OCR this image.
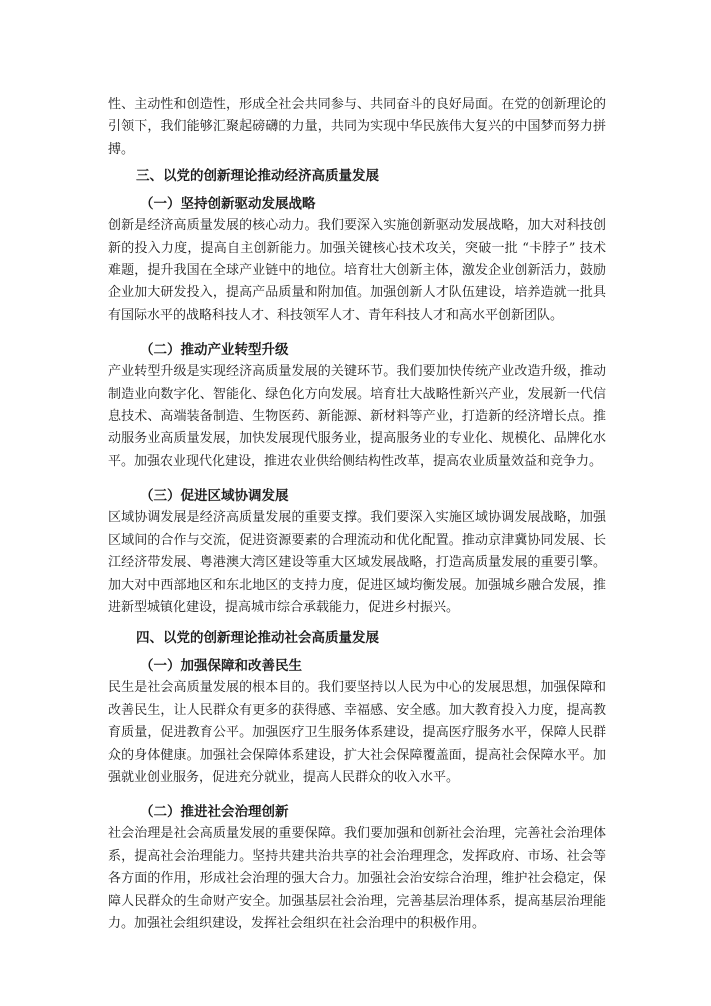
性、主动性和创造性，形成全社会共同参与、共同奋斗的良好局面。在党的创新理论的引领下，我们能够汇聚起磅礴的力量，共同为实现中华民族伟大复兴的中国梦而努力拼搏。

三、以党的创新理论推动经济高质量发展
（一）坚持创新驱动发展战略

创新是经济高质量发展的核心动力。我们要深入实施创新驱动发展战略，加大对科技创新的投入力度，提高自主创新能力。加强关键核心技术攻关，突破一批 “卡脖子” 技术难题，提升我国在全球产业链中的地位。培育壮大创新主体，激发企业创新活力，鼓励企业加大研发投入，提高产品质量和附加值。加强创新人才队伍建设，培养造就一批具有国际水平的战略科技人才、科技领军人才、青年科技人才和高水平创新团队。

（二）推动产业转型升级

产业转型升级是实现经济高质量发展的关键环节。我们要加快传统产业改造升级，推动制造业向数字化、智能化、绿色化方向发展。培育壮大战略性新兴产业，发展新一代信息技术、高端装备制造、生物医药、新能源、新材料等产业，打造新的经济增长点。推动服务业高质量发展，加快发展现代服务业，提高服务业的专业化、规模化、品牌化水平。加强农业现代化建设，推进农业供给侧结构性改革，提高农业质量效益和竞争力。

（三）促进区域协调发展

区域协调发展是经济高质量发展的重要支撑。我们要深入实施区域协调发展战略，加强区域间的合作与交流，促进资源要素的合理流动和优化配置。推动京津冀协同发展、长江经济带发展、粤港澳大湾区建设等重大区域发展战略，打造高质量发展的重要引擎。加大对中西部地区和东北地区的支持力度，促进区域均衡发展。加强城乡融合发展，推进新型城镇化建设，提高城市综合承载能力，促进乡村振兴。

四、以党的创新理论推动社会高质量发展
（一）加强保障和改善民生

民生是社会高质量发展的根本目的。我们要坚持以人民为中心的发展思想，加强保障和改善民生，让人民群众有更多的获得感、幸福感、安全感。加大教育投入力度，提高教育质量，促进教育公平。加强医疗卫生服务体系建设，提高医疗服务水平，保障人民群众的身体健康。加强社会保障体系建设，扩大社会保障覆盖面，提高社会保障水平。加强就业创业服务，促进充分就业，提高人民群众的收入水平。

（二）推进社会治理创新

社会治理是社会高质量发展的重要保障。我们要加强和创新社会治理，完善社会治理体系，提高社会治理能力。坚持共建共治共享的社会治理理念，发挥政府、市场、社会等各方面的作用，形成社会治理的强大合力。加强社会治安综合治理，维护社会稳定，保障人民群众的生命财产安全。加强基层社会治理，完善基层治理体系，提高基层治理能力。加强社会组织建设，发挥社会组织在社会治理中的积极作用。
